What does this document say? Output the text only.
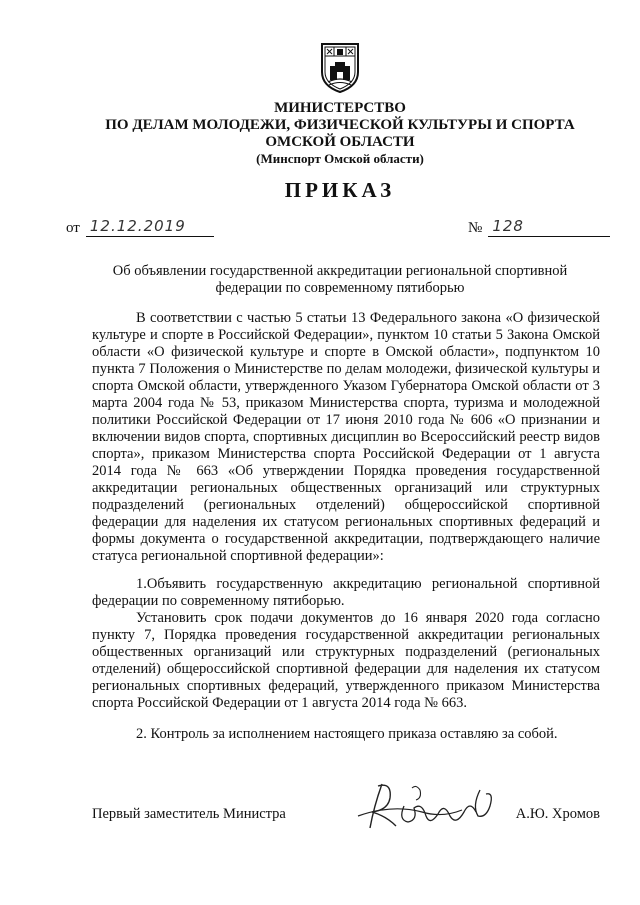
МИНИСТЕРСТВО
ПО ДЕЛАМ МОЛОДЕЖИ, ФИЗИЧЕСКОЙ КУЛЬТУРЫ И СПОРТА
ОМСКОЙ ОБЛАСТИ
(Минспорт Омской области)
ПРИКАЗ
от 12.12.2019	№ 128
Об объявлении государственной аккредитации региональной спортивной
федерации по современному пятиборью

В соответствии с частью 5 статьи 13 Федерального закона «О физической культуре и спорте в Российской Федерации», пунктом 10 статьи 5 Закона Омской области «О физической культуре и спорте в Омской области», подпунктом 10 пункта 7 Положения о Министерстве по делам молодежи, физической культуры и спорта Омской области, утвержденного Указом Губернатора Омской области от 3 марта 2004 года № 53, приказом Министерства спорта, туризма и молодежной политики Российской Федерации от 17 июня 2010 года № 606 «О признании и включении видов спорта, спортивных дисциплин во Всероссийский реестр видов спорта», приказом Министерства спорта Российской Федерации от 1 августа 2014 года № 663 «Об утверждении Порядка проведения государственной аккредитации региональных общественных организаций или структурных подразделений (региональных отделений) общероссийской спортивной федерации для наделения их статусом региональных спортивных федераций и формы документа о государственной аккредитации, подтверждающего наличие статуса региональной спортивной федерации»:

1.Объявить государственную аккредитацию региональной спортивной федерации по современному пятиборью.

Установить срок подачи документов до 16 января 2020 года согласно пункту 7, Порядка проведения государственной аккредитации региональных общественных организаций или структурных подразделений (региональных отделений) общероссийской спортивной федерации для наделения их статусом региональных спортивных федераций, утвержденного приказом Министерства спорта Российской Федерации от 1 августа 2014 года № 663.

2. Контроль за исполнением настоящего приказа оставляю за собой.

Первый заместитель Министра	А.Ю. Хромов
